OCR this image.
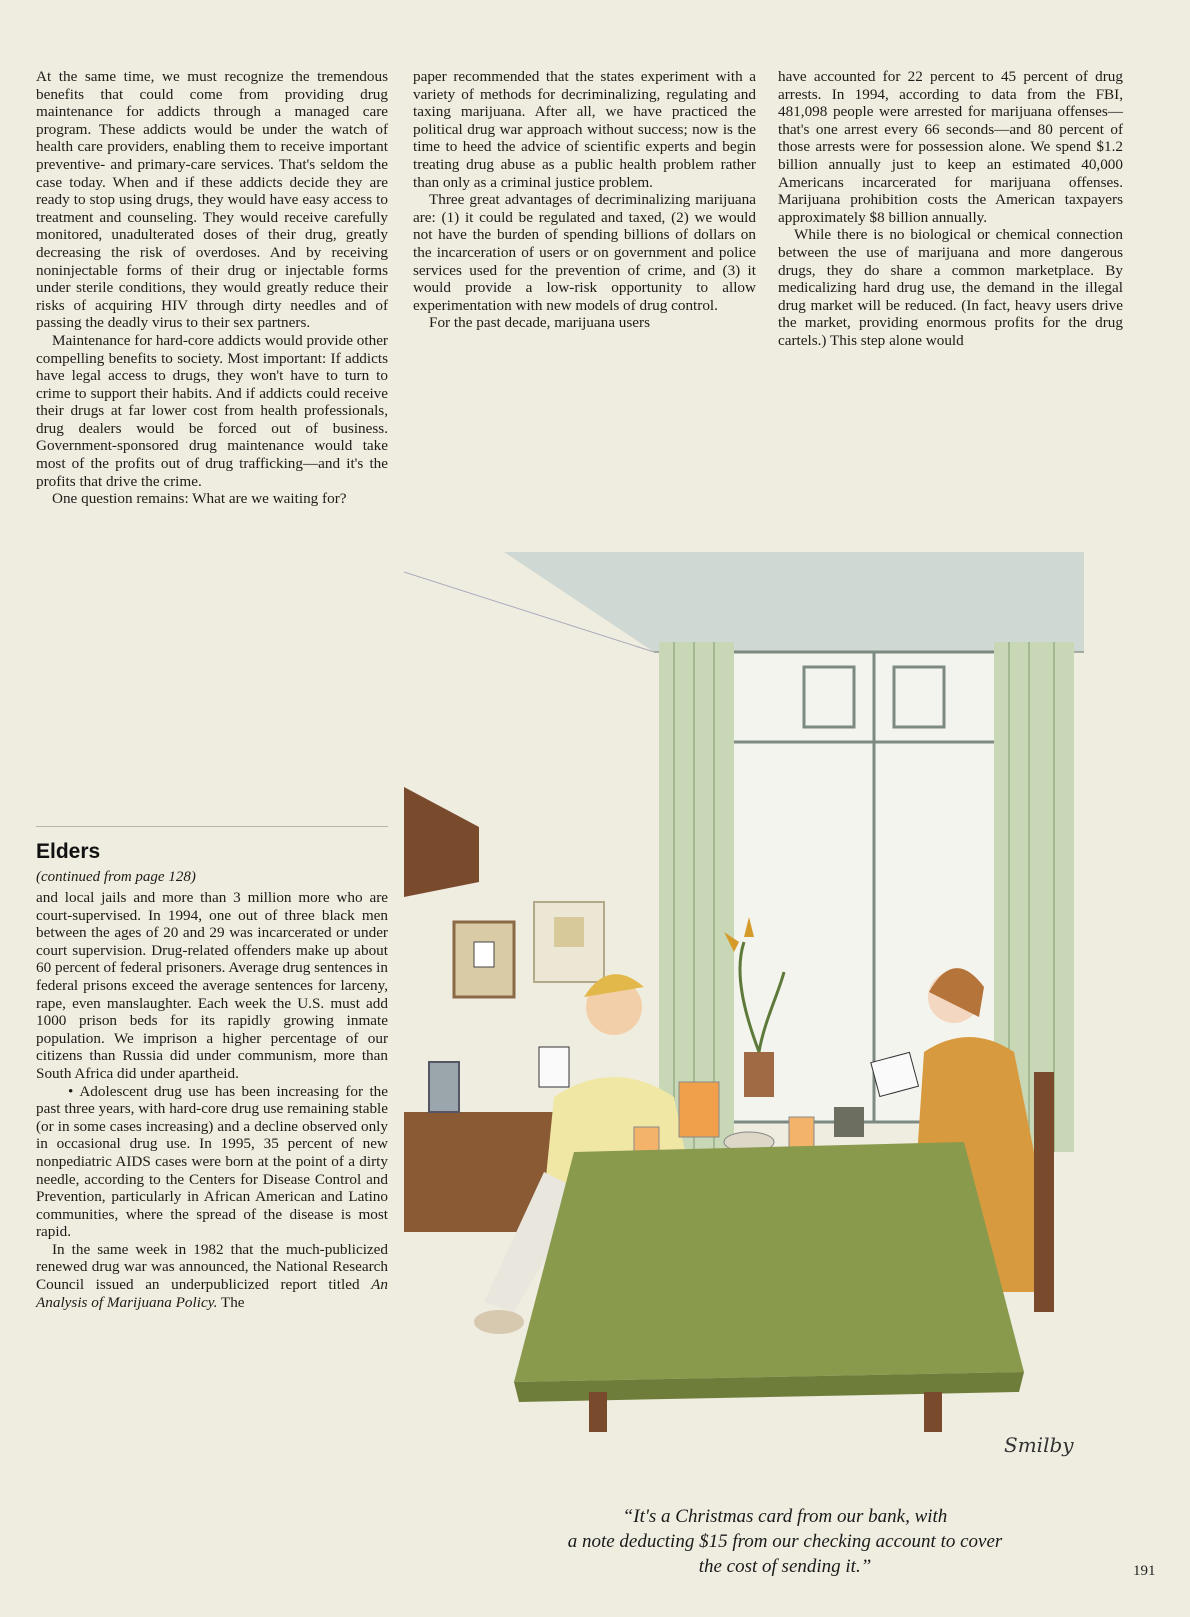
At the same time, we must recognize the tremendous benefits that could come from providing drug maintenance for addicts through a managed care program. These addicts would be under the watch of health care providers, enabling them to receive important preventive- and primary-care services. That's seldom the case today. When and if these addicts decide they are ready to stop using drugs, they would have easy access to treatment and counseling. They would receive carefully monitored, unadulterated doses of their drug, greatly decreasing the risk of overdoses. And by receiving noninjectable forms of their drug or injectable forms under sterile conditions, they would greatly reduce their risks of acquiring HIV through dirty needles and of passing the deadly virus to their sex partners.

Maintenance for hard-core addicts would provide other compelling benefits to society. Most important: If addicts have legal access to drugs, they won't have to turn to crime to support their habits. And if addicts could receive their drugs at far lower cost from health professionals, drug dealers would be forced out of business. Government-sponsored drug maintenance would take most of the profits out of drug trafficking—and it's the profits that drive the crime.

One question remains: What are we waiting for?

Elders
(continued from page 128)

and local jails and more than 3 million more who are court-supervised. In 1994, one out of three black men between the ages of 20 and 29 was incarcerated or under court supervision. Drug-related offenders make up about 60 percent of federal prisoners. Average drug sentences in federal prisons exceed the average sentences for larceny, rape, even manslaughter. Each week the U.S. must add 1000 prison beds for its rapidly growing inmate population. We imprison a higher percentage of our citizens than Russia did under communism, more than South Africa did under apartheid.

• Adolescent drug use has been increasing for the past three years, with hard-core drug use remaining stable (or in some cases increasing) and a decline observed only in occasional drug use. In 1995, 35 percent of new nonpediatric AIDS cases were born at the point of a dirty needle, according to the Centers for Disease Control and Prevention, particularly in African American and Latino communities, where the spread of the disease is most rapid.

In the same week in 1982 that the much-publicized renewed drug war was announced, the National Research Council issued an underpublicized report titled An Analysis of Marijuana Policy. The

paper recommended that the states experiment with a variety of methods for decriminalizing, regulating and taxing marijuana. After all, we have practiced the political drug war approach without success; now is the time to heed the advice of scientific experts and begin treating drug abuse as a public health problem rather than only as a criminal justice problem.

Three great advantages of decriminalizing marijuana are: (1) it could be regulated and taxed, (2) we would not have the burden of spending billions of dollars on the incarceration of users or on government and police services used for the prevention of crime, and (3) it would provide a low-risk opportunity to allow experimentation with new models of drug control.

For the past decade, marijuana users

have accounted for 22 percent to 45 percent of drug arrests. In 1994, according to data from the FBI, 481,098 people were arrested for marijuana offenses—that's one arrest every 66 seconds—and 80 percent of those arrests were for possession alone. We spend $1.2 billion annually just to keep an estimated 40,000 Americans incarcerated for marijuana offenses. Marijuana prohibition costs the American taxpayers approximately $8 billion annually.

While there is no biological or chemical connection between the use of marijuana and more dangerous drugs, they do share a common marketplace. By medicalizing hard drug use, the demand in the illegal drug market will be reduced. (In fact, heavy users drive the market, providing enormous profits for the drug cartels.) This step alone would

Smilby
“It's a Christmas card from our bank, with
a note deducting $15 from our checking account to cover
the cost of sending it.”	191
